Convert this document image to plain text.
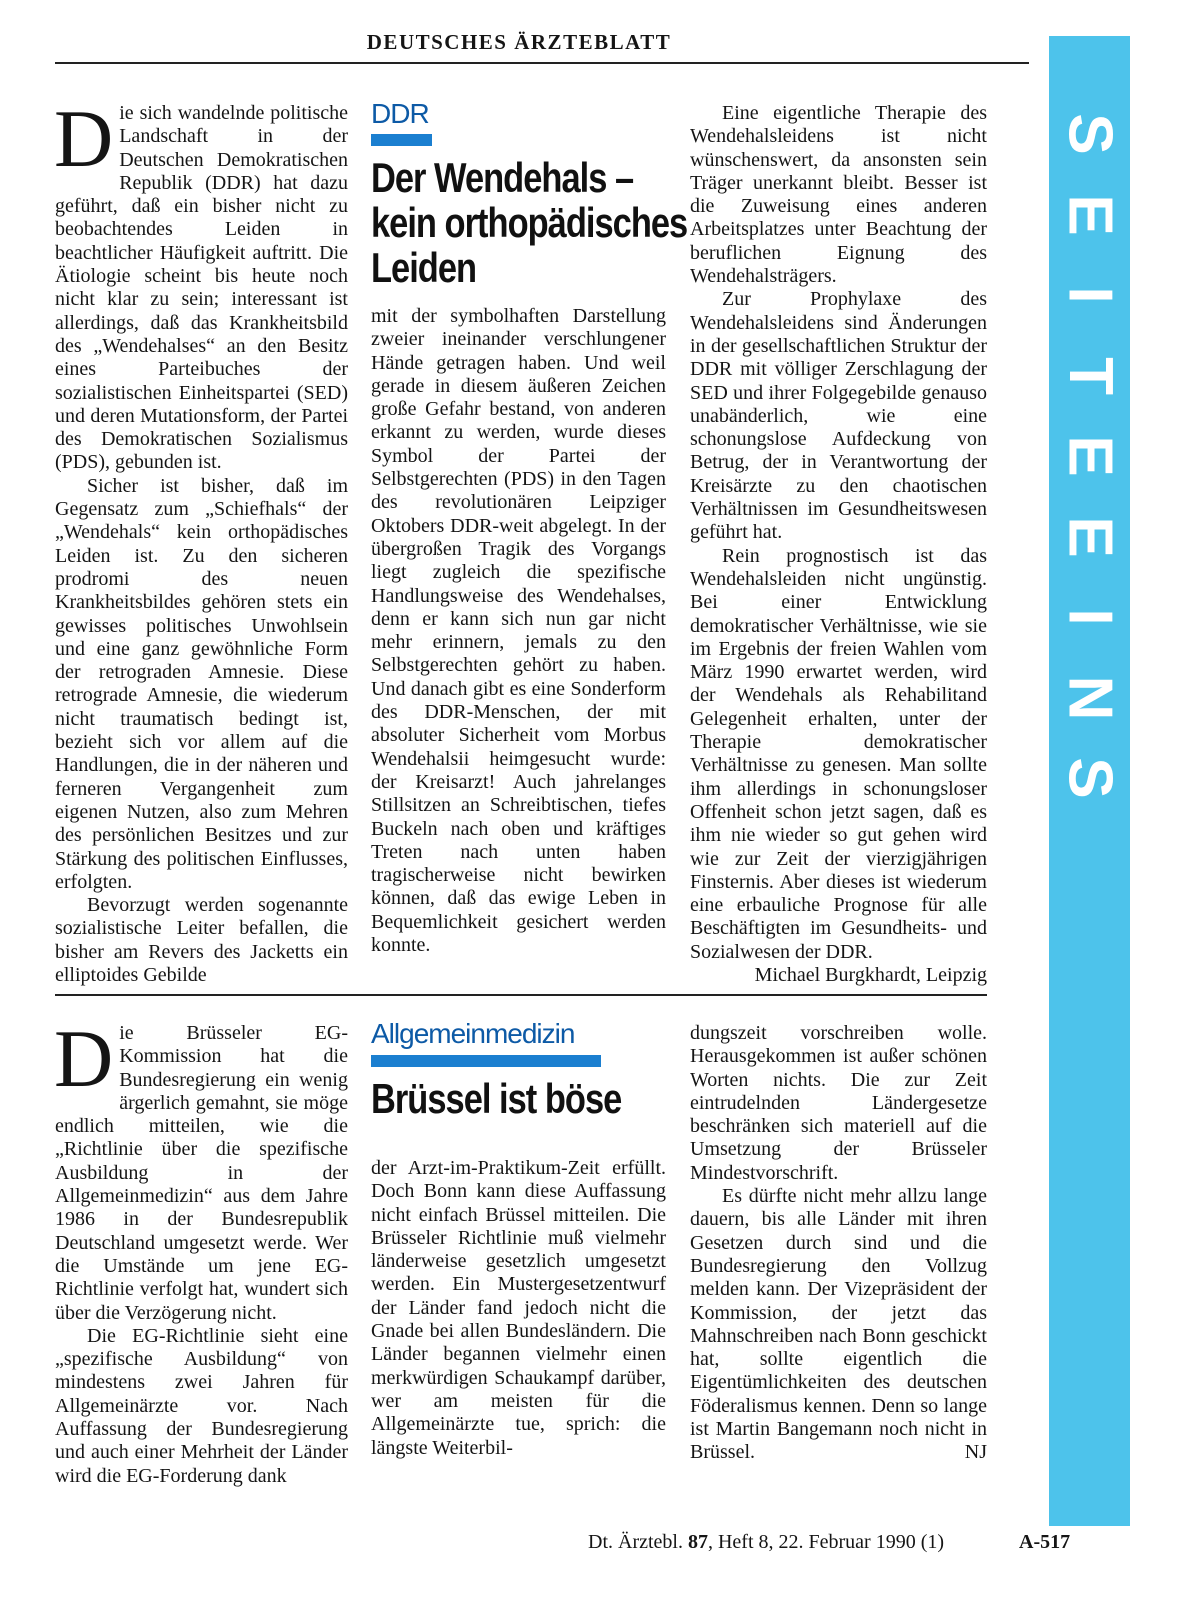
DEUTSCHES ÄRZTEBLATT
S
E
I
T
E
E
I
N
S

Die sich wandelnde politische Landschaft in der Deutschen Demokratischen Republik (DDR) hat dazu geführt, daß ein bisher nicht zu beobachtendes Leiden in beachtlicher Häufigkeit auftritt. Die Ätiologie scheint bis heute noch nicht klar zu sein; interessant ist allerdings, daß das Krankheitsbild des „Wendehalses“ an den Besitz eines Parteibuches der sozialistischen Einheitspartei (SED) und deren Mutationsform, der Partei des Demokratischen Sozialismus (PDS), gebunden ist.

Sicher ist bisher, daß im Gegensatz zum „Schiefhals“ der „Wendehals“ kein orthopädisches Leiden ist. Zu den sicheren prodromi des neuen Krankheitsbildes gehören stets ein gewisses politisches Unwohlsein und eine ganz gewöhnliche Form der retrograden Amnesie. Diese retrograde Amnesie, die wiederum nicht traumatisch bedingt ist, bezieht sich vor allem auf die Handlungen, die in der näheren und ferneren Vergangenheit zum eigenen Nutzen, also zum Mehren des persönlichen Besitzes und zur Stärkung des politischen Einflusses, erfolgten.

Bevorzugt werden sogenannte sozialistische Leiter befallen, die bisher am Revers des Jacketts ein elliptoides Gebilde

DDR
Der Wendehals –
kein orthopädisches
Leiden

mit der symbolhaften Darstellung zweier ineinander verschlungener Hände getragen haben. Und weil gerade in diesem äußeren Zeichen große Gefahr bestand, von anderen erkannt zu werden, wurde dieses Symbol der Partei der Selbstgerechten (PDS) in den Tagen des revolutionären Leipziger Oktobers DDR-weit abgelegt. In der übergroßen Tragik des Vorgangs liegt zugleich die spezifische Handlungsweise des Wendehalses, denn er kann sich nun gar nicht mehr erinnern, jemals zu den Selbstgerechten gehört zu haben. Und danach gibt es eine Sonderform des DDR-Menschen, der mit absoluter Sicherheit vom Morbus Wendehalsii heimgesucht wurde: der Kreisarzt! Auch jahrelanges Stillsitzen an Schreibtischen, tiefes Buckeln nach oben und kräftiges Treten nach unten haben tragischerweise nicht bewirken können, daß das ewige Leben in Bequemlichkeit gesichert werden konnte.

Eine eigentliche Therapie des Wendehalsleidens ist nicht wünschenswert, da ansonsten sein Träger unerkannt bleibt. Besser ist die Zuweisung eines anderen Arbeitsplatzes unter Beachtung der beruflichen Eignung des Wendehalsträgers.

Zur Prophylaxe des Wendehalsleidens sind Änderungen in der gesellschaftlichen Struktur der DDR mit völliger Zerschlagung der SED und ihrer Folgegebilde genauso unabänderlich, wie eine schonungslose Aufdeckung von Betrug, der in Verantwortung der Kreisärzte zu den chaotischen Verhältnissen im Gesundheitswesen geführt hat.

Rein prognostisch ist das Wendehalsleiden nicht ungünstig. Bei einer Entwicklung demokratischer Verhältnisse, wie sie im Ergebnis der freien Wahlen vom März 1990 erwartet werden, wird der Wendehals als Rehabilitand Gelegenheit erhalten, unter der Therapie demokratischer Verhältnisse zu genesen. Man sollte ihm allerdings in schonungsloser Offenheit schon jetzt sagen, daß es ihm nie wieder so gut gehen wird wie zur Zeit der vierzigjährigen Finsternis. Aber dieses ist wiederum eine erbauliche Prognose für alle Beschäftigten im Gesundheits- und Sozialwesen der DDR.

Michael Burgkhardt, Leipzig

Die Brüsseler EG-Kommission hat die Bundesregierung ein wenig ärgerlich gemahnt, sie möge endlich mitteilen, wie die „Richtlinie über die spezifische Ausbildung in der Allgemeinmedizin“ aus dem Jahre 1986 in der Bundesrepublik Deutschland umgesetzt werde. Wer die Umstände um jene EG-Richtlinie verfolgt hat, wundert sich über die Verzögerung nicht.

Die EG-Richtlinie sieht eine „spezifische Ausbildung“ von mindestens zwei Jahren für Allgemeinärzte vor. Nach Auffassung der Bundesregierung und auch einer Mehrheit der Länder wird die EG-Forderung dank

Allgemeinmedizin
Brüssel ist böse

der Arzt-im-Praktikum-Zeit erfüllt. Doch Bonn kann diese Auffassung nicht einfach Brüssel mitteilen. Die Brüsseler Richtlinie muß vielmehr länderweise gesetzlich umgesetzt werden. Ein Mustergesetzentwurf der Länder fand jedoch nicht die Gnade bei allen Bundesländern. Die Länder begannen vielmehr einen merkwürdigen Schaukampf darüber, wer am meisten für die Allgemeinärzte tue, sprich: die längste Weiterbil-

dungszeit vorschreiben wolle. Herausgekommen ist außer schönen Worten nichts. Die zur Zeit eintrudelnden Ländergesetze beschränken sich materiell auf die Umsetzung der Brüsseler Mindestvorschrift.

Es dürfte nicht mehr allzu lange dauern, bis alle Länder mit ihren Gesetzen durch sind und die Bundesregierung den Vollzug melden kann. Der Vizepräsident der Kommission, der jetzt das Mahnschreiben nach Bonn geschickt hat, sollte eigentlich die Eigentümlichkeiten des deutschen Föderalismus kennen. Denn so lange ist Martin Bangemann noch nicht in Brüssel.	NJ

Dt. Ärztebl. 87, Heft 8, 22. Februar 1990 (1)	A-517
